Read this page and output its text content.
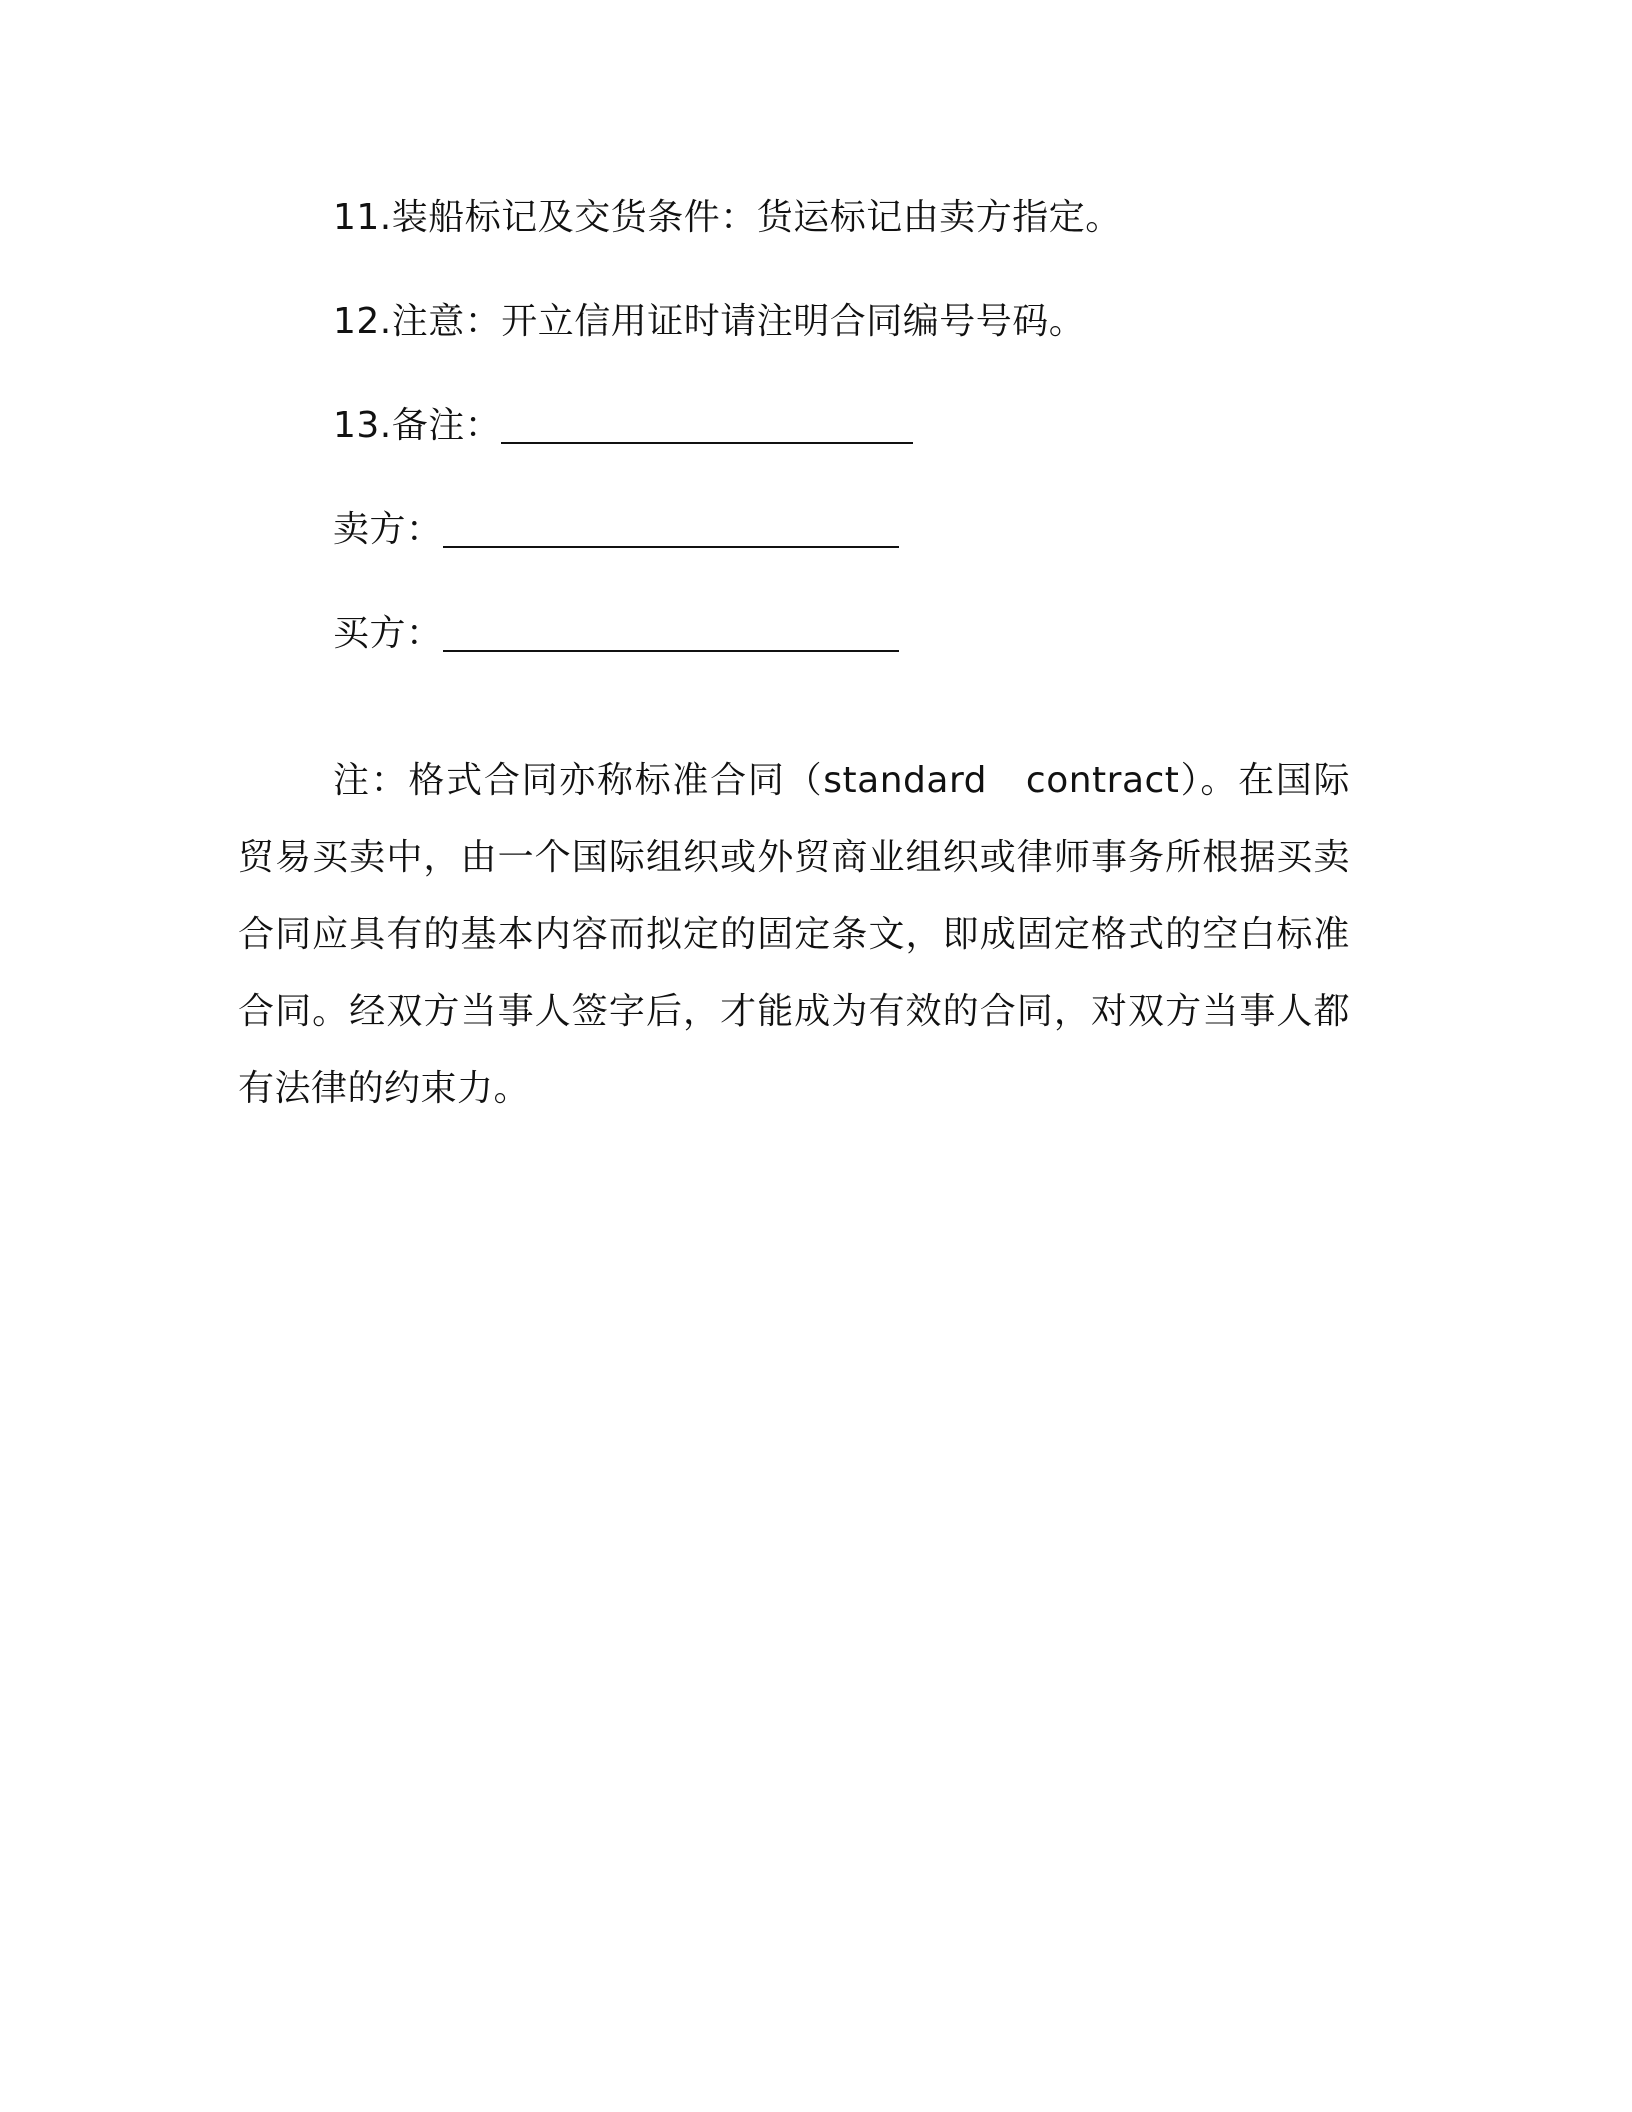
11.装船标记及交货条件：货运标记由卖方指定。
12.注意：开立信用证时请注明合同编号号码。
13.备注：
卖方：
买方：

注：格式合同亦称标准合同（standard　contract）。在国际贸易买卖中，由一个国际组织或外贸商业组织或律师事务所根据买卖合同应具有的基本内容而拟定的固定条文，即成固定格式的空白标准合同。经双方当事人签字后，才能成为有效的合同，对双方当事人都有法律的约束力。
